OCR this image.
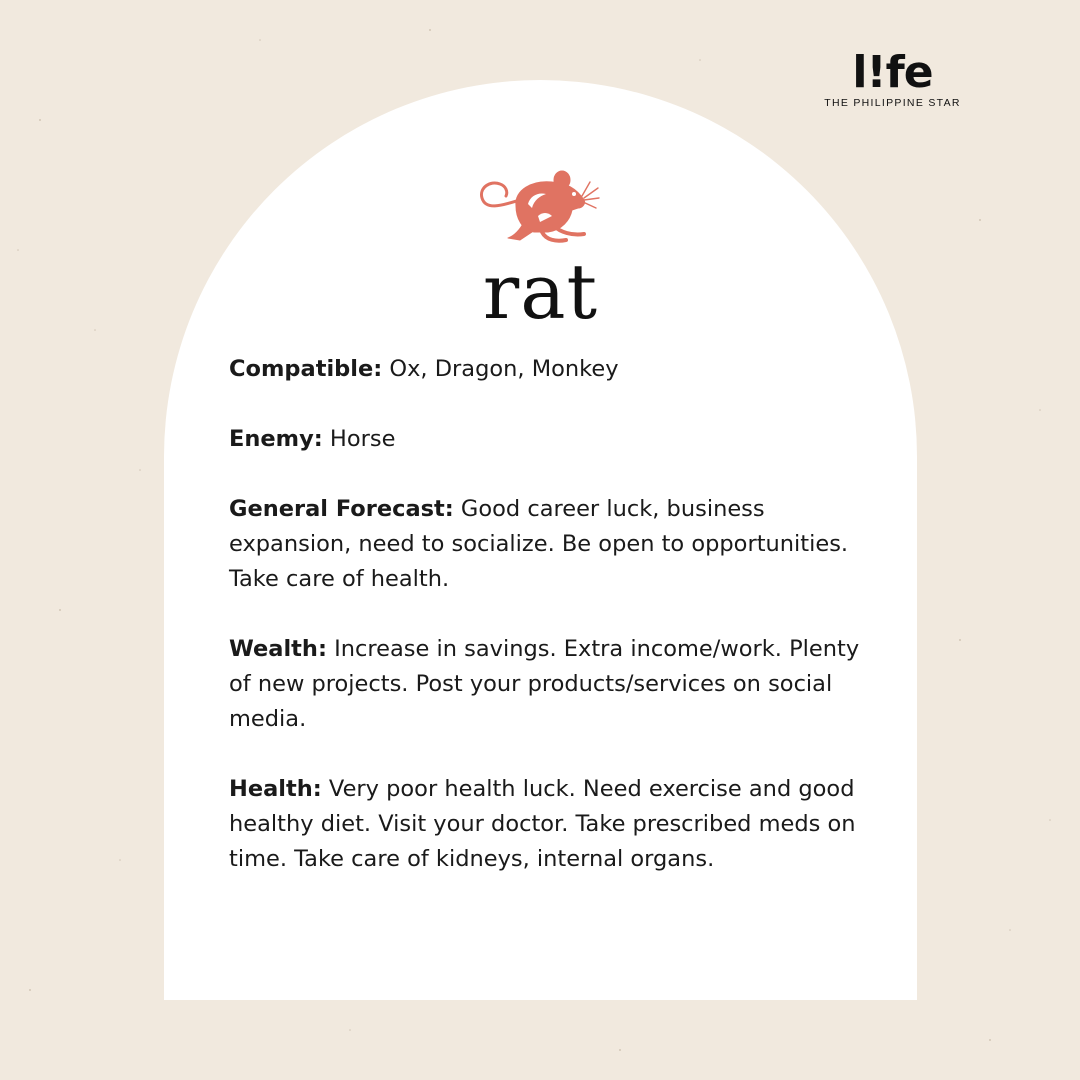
l!fe
THE PHILIPPINE STAR
rat
Compatible: Ox, Dragon, Monkey
Enemy: Horse
General Forecast: Good career luck, business expansion, need to socialize. Be open to opportunities. Take care of health.
Wealth: Increase in savings. Extra income/work. Plenty of new projects. Post your products/services on social media.
Health: Very poor health luck. Need exercise and good healthy diet. Visit your doctor. Take prescribed meds on time. Take care of kidneys, internal organs.
